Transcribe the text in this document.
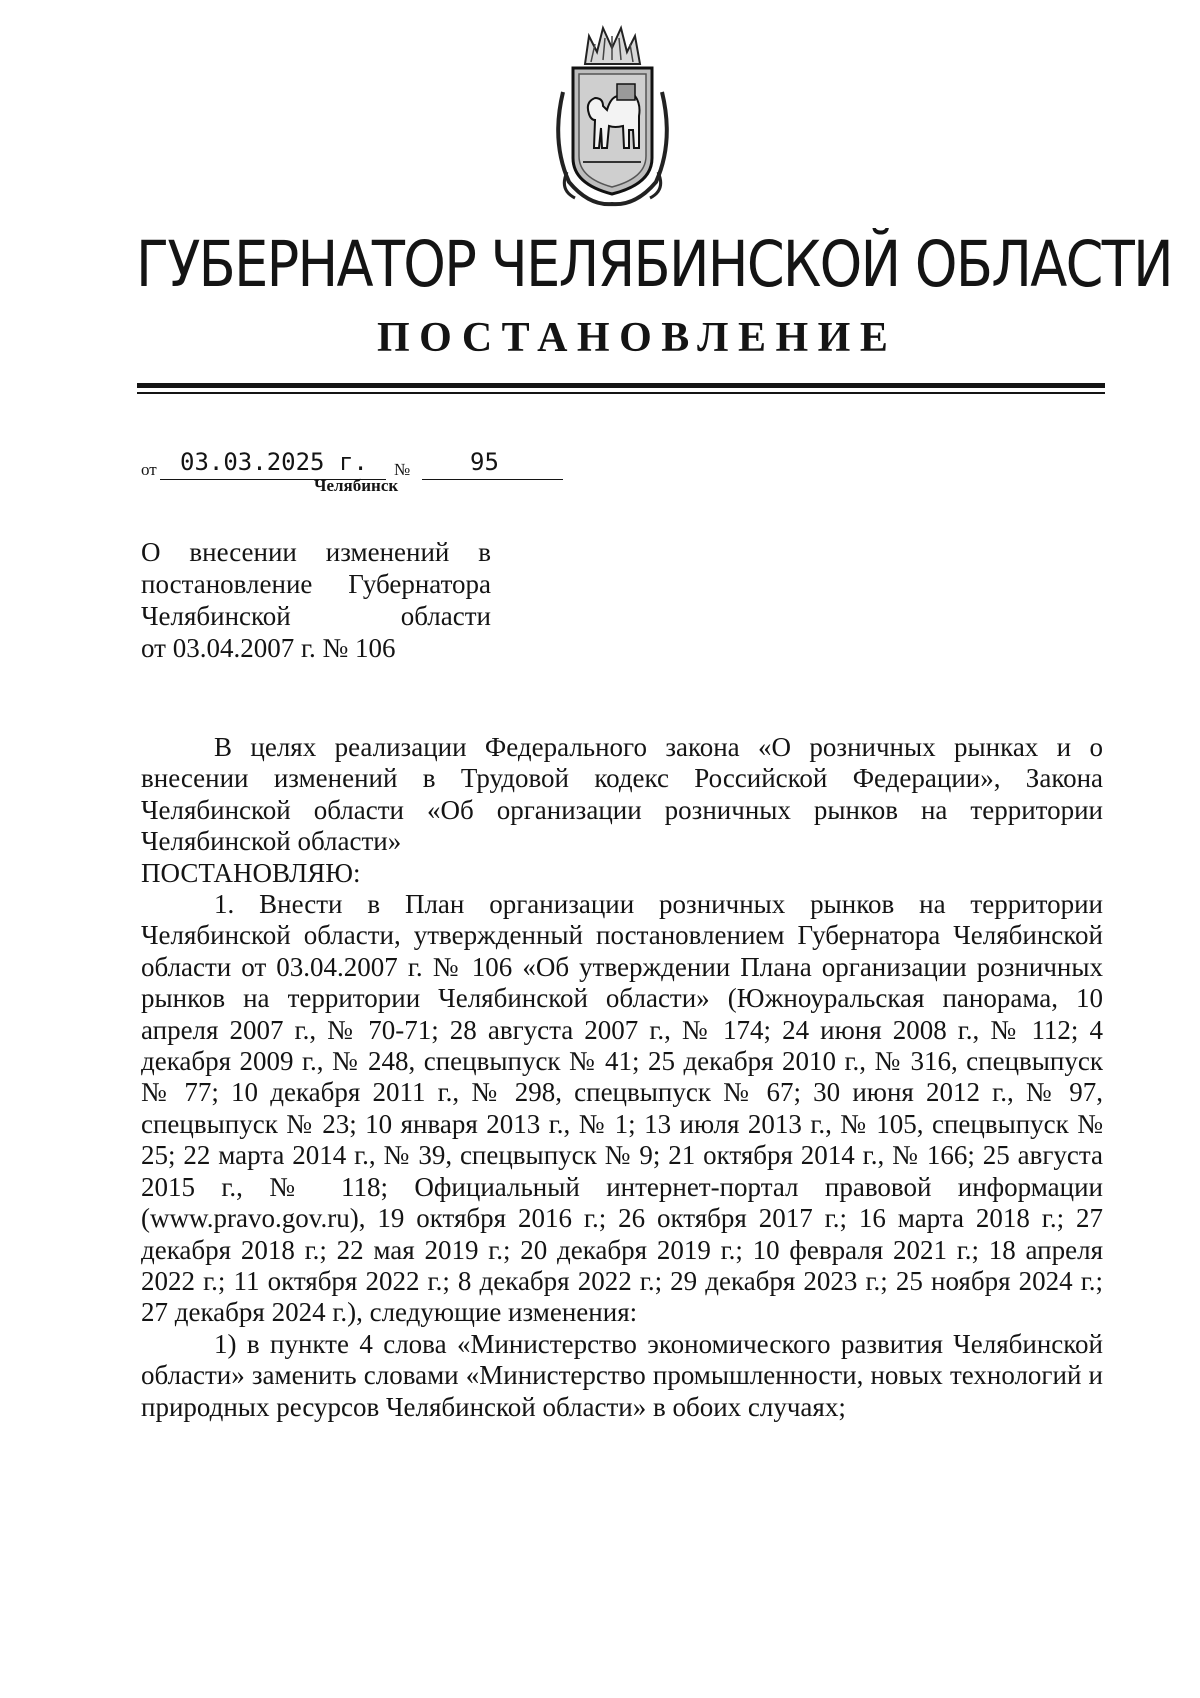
ГУБЕРНАТОР ЧЕЛЯБИНСКОЙ ОБЛАСТИ
ПОСТАНОВЛЕНИЕ
от 03.03.2025 г. № 95
Челябинск
О внесении изменений в
постановление Губернатора
Челябинской области
от 03.04.2007 г. № 106

В целях реализации Федерального закона «О розничных рынках и о внесении изменений в Трудовой кодекс Российской Федерации», Закона Челябинской области «Об организации розничных рынков на территории Челябинской области»

ПОСТАНОВЛЯЮ:

1. Внести в План организации розничных рынков на территории Челябинской области, утвержденный постановлением Губернатора Челябинской области от 03.04.2007 г. № 106 «Об утверждении Плана организации розничных рынков на территории Челябинской области» (Южноуральская панорама, 10 апреля 2007 г., № 70-71; 28 августа 2007 г., № 174; 24 июня 2008 г., № 112; 4 декабря 2009 г., № 248, спецвыпуск № 41; 25 декабря 2010 г., № 316, спецвыпуск № 77; 10 декабря 2011 г., № 298, спецвыпуск № 67; 30 июня 2012 г., № 97, спецвыпуск № 23; 10 января 2013 г., № 1; 13 июля 2013 г., № 105, спецвыпуск № 25; 22 марта 2014 г., № 39, спецвыпуск № 9; 21 октября 2014 г., № 166; 25 августа 2015 г., № 118; Официальный интернет-портал правовой информации (www.pravo.gov.ru), 19 октября 2016 г.; 26 октября 2017 г.; 16 марта 2018 г.; 27 декабря 2018 г.; 22 мая 2019 г.; 20 декабря 2019 г.; 10 февраля 2021 г.; 18 апреля 2022 г.; 11 октября 2022 г.; 8 декабря 2022 г.; 29 декабря 2023 г.; 25 ноября 2024 г.; 27 декабря 2024 г.), следующие изменения:

1) в пункте 4 слова «Министерство экономического развития Челябинской области» заменить словами «Министерство промышленности, новых технологий и природных ресурсов Челябинской области» в обоих случаях;
